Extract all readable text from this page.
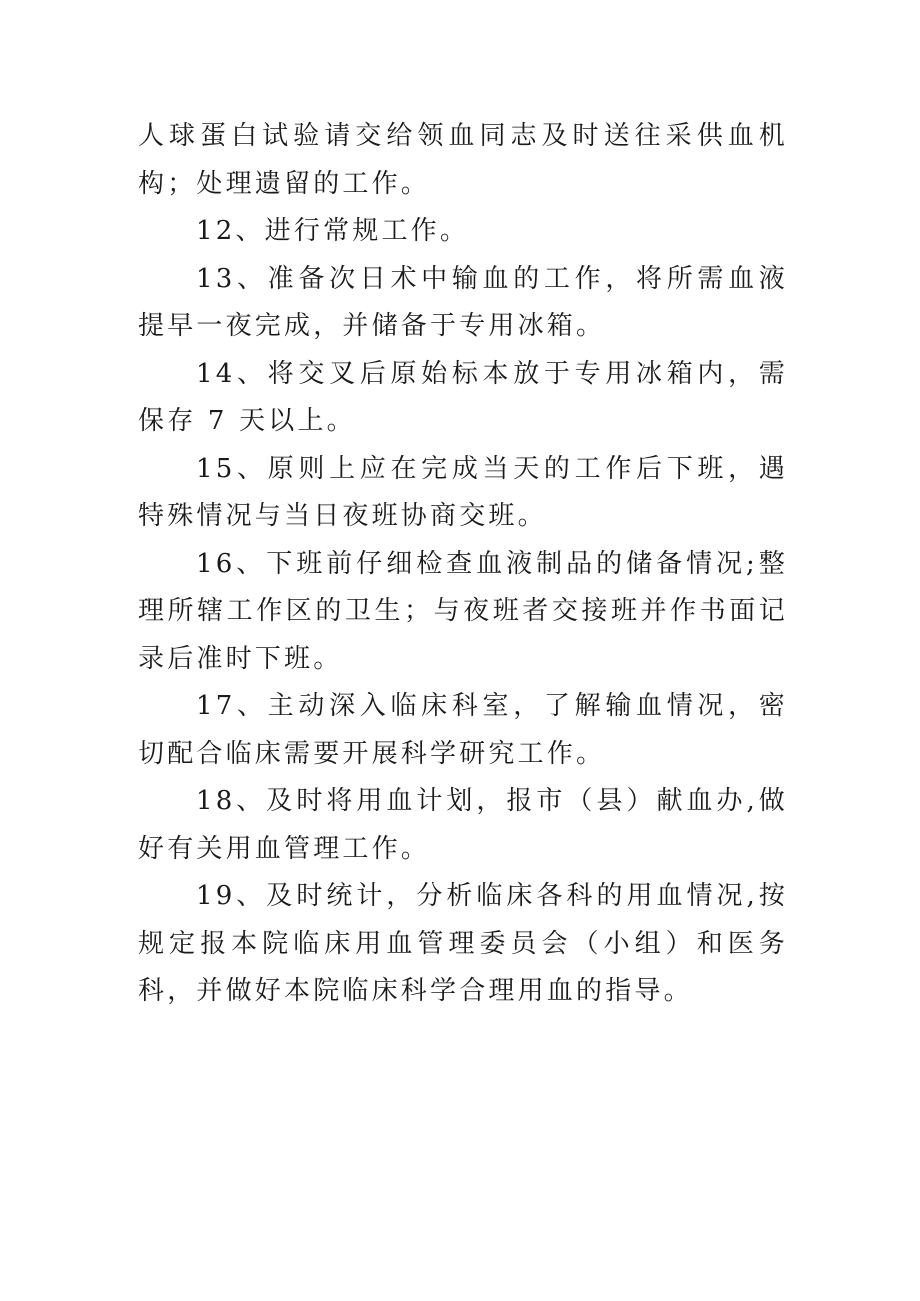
人球蛋白试验请交给领血同志及时送往采供血机构；处理遗留的工作。

12、进行常规工作。

13、准备次日术中输血的工作，将所需血液提早一夜完成，并储备于专用冰箱。

14、将交叉后原始标本放于专用冰箱内，需保存 7 天以上。

15、原则上应在完成当天的工作后下班，遇特殊情况与当日夜班协商交班。

16、下班前仔细检查血液制品的储备情况;整理所辖工作区的卫生；与夜班者交接班并作书面记录后准时下班。

17、主动深入临床科室，了解输血情况，密切配合临床需要开展科学研究工作。

18、及时将用血计划，报市（县）献血办,做好有关用血管理工作。

19、及时统计，分析临床各科的用血情况,按规定报本院临床用血管理委员会（小组）和医务科，并做好本院临床科学合理用血的指导。
